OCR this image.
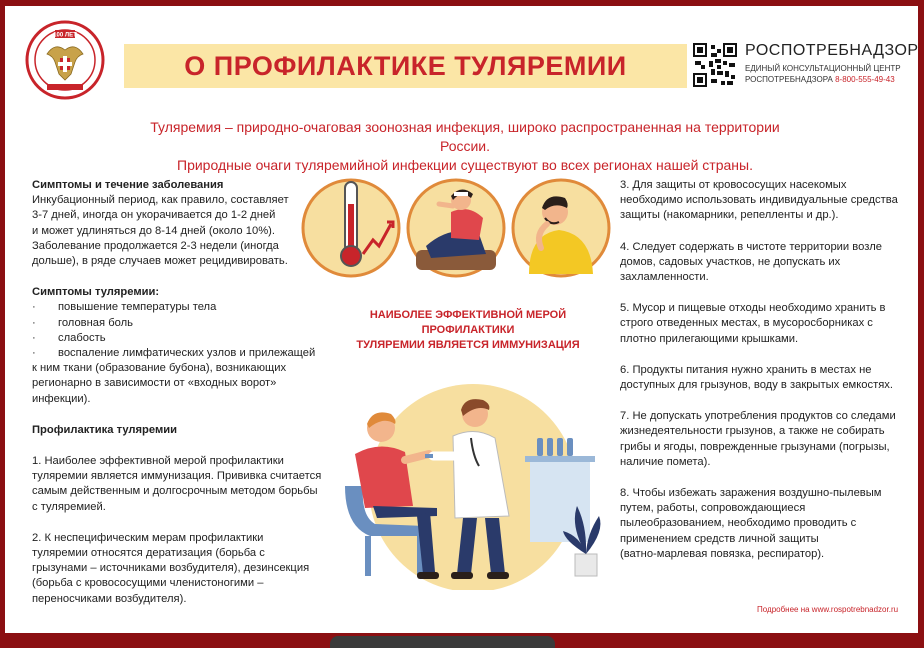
100 ЛЕТ
О ПРОФИЛАКТИКЕ ТУЛЯРЕМИИ	РОСПОТРЕБНАДЗОР
ЕДИНЫЙ КОНСУЛЬТАЦИОННЫЙ ЦЕНТР
РОСПОТРЕБНАДЗОРА 8-800-555-49-43
Туляремия – природно-очаговая зоонозная инфекция, широко распространенная на территории России.
Природные очаги туляремийной инфекции существуют во всех регионах нашей страны.

Симптомы и течение заболевания

Инкубационный период, как правило, составляет

3-7 дней, иногда он укорачивается до 1-2 дней

и может удлиняться до 8-14 дней (около 10%).

Заболевание продолжается 2-3 недели (иногда

дольше), в ряде случаев может рецидивировать.

Симптомы туляремии:

· повышение температуры тела

· головная боль

· слабость

· воспаление лимфатических узлов и прилежащей

к ним ткани (образование бубона), возникающих

регионарно в зависимости от «входных ворот»

инфекции).

Профилактика туляремии

1. Наиболее эффективной мерой профилактики

туляремии является иммунизация. Прививка считается

самым действенным и долгосрочным методом борьбы

с туляремией.

2. К неспецифическим мерам профилактики

туляремии относятся дератизация (борьба с

грызунами – источниками возбудителя), дезинсекция

(борьба с кровососущими членистоногими –

переносчиками возбудителя).

3. Для защиты от кровососущих насекомых

необходимо использовать индивидуальные средства

защиты (накомарники, репелленты и др.).

4. Следует содержать в чистоте территории возле

домов, садовых участков, не допускать их

захламленности.

5. Мусор и пищевые отходы необходимо хранить в

строго отведенных местах, в мусоросборниках с

плотно прилегающими крышками.

6. Продукты питания нужно хранить в местах не

доступных для грызунов, воду в закрытых емкостях.

7. Не допускать употребления продуктов со следами

жизнедеятельности грызунов, а также не собирать

грибы и ягоды, поврежденные грызунами (погрызы,

наличие помета).

8. Чтобы избежать заражения воздушно-пылевым

путем, работы, сопровождающиеся

пылеобразованием, необходимо проводить с

применением средств личной защиты

(ватно-марлевая повязка, респиратор).

НАИБОЛЕЕ ЭФФЕКТИВНОЙ МЕРОЙ ПРОФИЛАКТИКИ
ТУЛЯРЕМИИ ЯВЛЯЕТСЯ ИММУНИЗАЦИЯ
Подробнее на www.rospotrebnadzor.ru
